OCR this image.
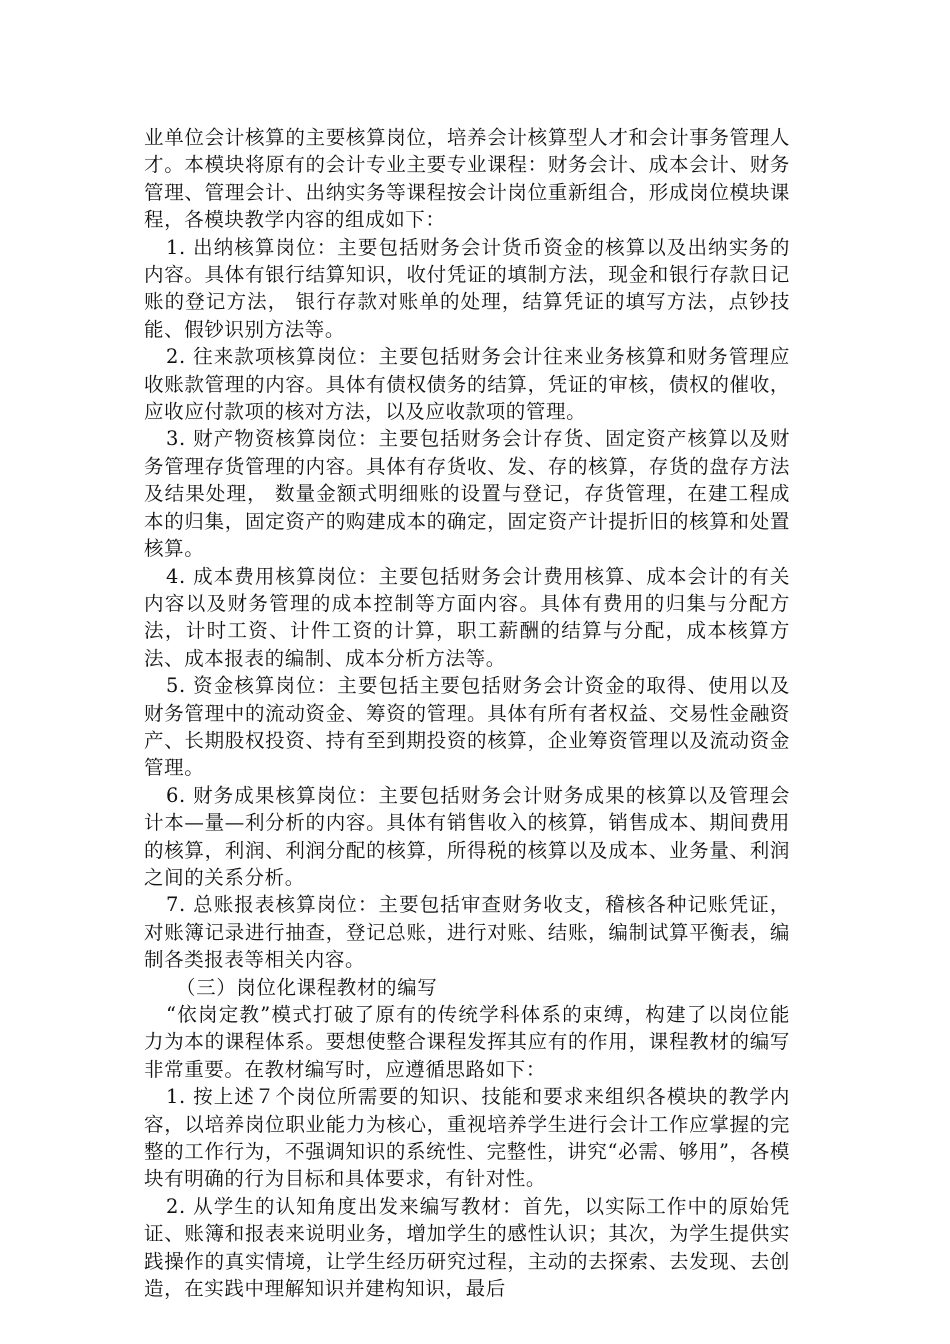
业单位会计核算的主要核算岗位，培养会计核算型人才和会计事务管理人才。本模块将原有的会计专业主要专业课程：财务会计、成本会计、财务管理、管理会计、出纳实务等课程按会计岗位重新组合，形成岗位模块课程，各模块教学内容的组成如下：

1. 出纳核算岗位：主要包括财务会计货币资金的核算以及出纳实务的内容。具体有银行结算知识，收付凭证的填制方法，现金和银行存款日记账的登记方法， 银行存款对账单的处理，结算凭证的填写方法，点钞技能、假钞识别方法等。

2. 往来款项核算岗位：主要包括财务会计往来业务核算和财务管理应收账款管理的内容。具体有债权债务的结算，凭证的审核，债权的催收，应收应付款项的核对方法，以及应收款项的管理。

3. 财产物资核算岗位：主要包括财务会计存货、固定资产核算以及财务管理存货管理的内容。具体有存货收、发、存的核算，存货的盘存方法及结果处理， 数量金额式明细账的设置与登记，存货管理，在建工程成本的归集，固定资产的购建成本的确定，固定资产计提折旧的核算和处置核算。

4. 成本费用核算岗位：主要包括财务会计费用核算、成本会计的有关内容以及财务管理的成本控制等方面内容。具体有费用的归集与分配方法，计时工资、计件工资的计算，职工薪酬的结算与分配，成本核算方法、成本报表的编制、成本分析方法等。

5. 资金核算岗位：主要包括主要包括财务会计资金的取得、使用以及财务管理中的流动资金、筹资的管理。具体有所有者权益、交易性金融资产、长期股权投资、持有至到期投资的核算，企业筹资管理以及流动资金管理。

6. 财务成果核算岗位：主要包括财务会计财务成果的核算以及管理会计本—量—利分析的内容。具体有销售收入的核算，销售成本、期间费用的核算，利润、利润分配的核算，所得税的核算以及成本、业务量、利润之间的关系分析。

7. 总账报表核算岗位：主要包括审查财务收支，稽核各种记账凭证，对账簿记录进行抽查，登记总账，进行对账、结账，编制试算平衡表，编制各类报表等相关内容。

（三）岗位化课程教材的编写

“依岗定教”模式打破了原有的传统学科体系的束缚，构建了以岗位能力为本的课程体系。要想使整合课程发挥其应有的作用，课程教材的编写非常重要。在教材编写时，应遵循思路如下：

1. 按上述７个岗位所需要的知识、技能和要求来组织各模块的教学内容，以培养岗位职业能力为核心，重视培养学生进行会计工作应掌握的完整的工作行为，不强调知识的系统性、完整性，讲究“必需、够用”，各模块有明确的行为目标和具体要求，有针对性。

2. 从学生的认知角度出发来编写教材：首先，以实际工作中的原始凭证、账簿和报表来说明业务，增加学生的感性认识；其次，为学生提供实践操作的真实情境，让学生经历研究过程，主动的去探索、去发现、去创造，在实践中理解知识并建构知识，最后
